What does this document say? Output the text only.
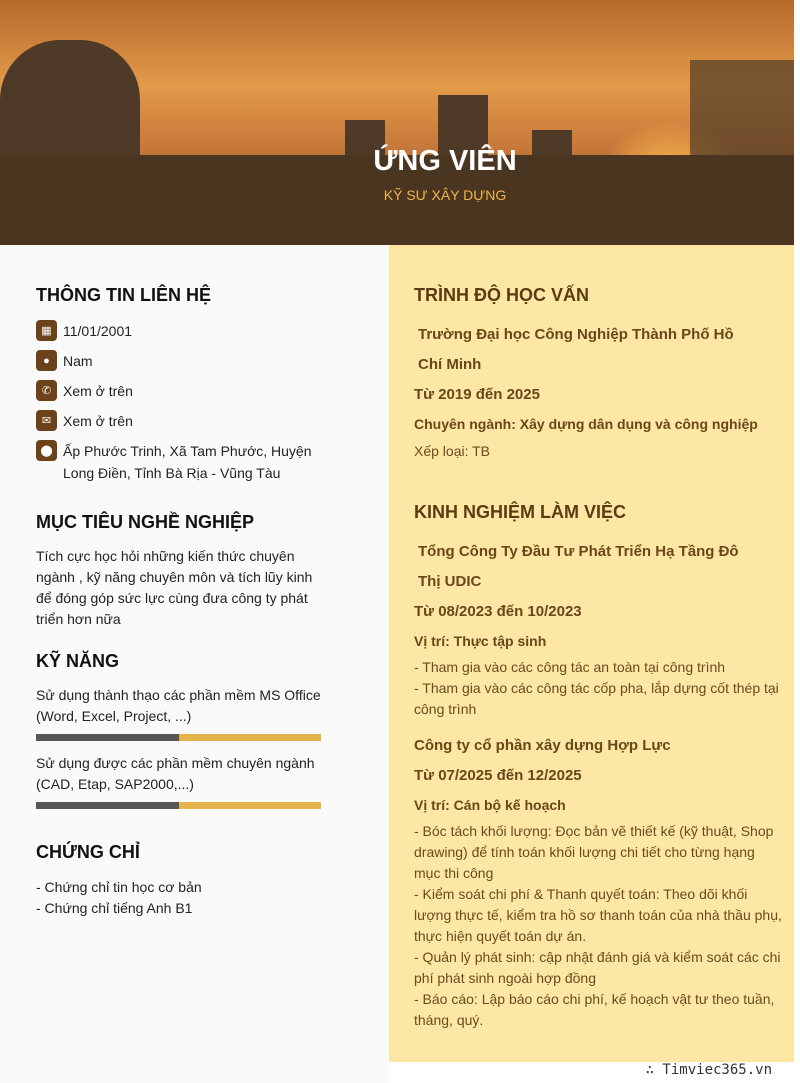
ỨNG VIÊN
KỸ SƯ XÂY DỰNG
THÔNG TIN LIÊN HỆ
▦ 11/01/2001
● Nam
✆ Xem ở trên
✉ Xem ở trên
⬤ Ấp Phước Trinh, Xã Tam Phước, Huyện Long Điền, Tỉnh Bà Rịa - Vũng Tàu
MỤC TIÊU NGHỀ NGHIỆP
Tích cực học hỏi những kiến thức chuyên ngành , kỹ năng chuyên môn và tích lũy kinh để đóng góp sức lực cùng đưa công ty phát triển hơn nữa
KỸ NĂNG
Sử dụng thành thạo các phần mềm MS Office (Word, Excel, Project, ...)
Sử dụng được các phần mềm chuyên ngành (CAD, Etap, SAP2000,...)
CHỨNG CHỈ
- Chứng chỉ tin học cơ bản
- Chứng chỉ tiếng Anh B1
TRÌNH ĐỘ HỌC VẤN
Trường Đại học Công Nghiệp Thành Phố Hồ Chí Minh
Từ 2019 đến 2025
Chuyên ngành: Xây dựng dân dụng và công nghiệp
Xếp loại: TB
KINH NGHIỆM LÀM VIỆC
Tổng Công Ty Đầu Tư Phát Triển Hạ Tầng Đô Thị UDIC
Từ 08/2023 đến 10/2023
Vị trí: Thực tập sinh
- Tham gia vào các công tác an toàn tại công trình
- Tham gia vào các công tác cốp pha, lắp dựng cốt thép tại công trình
Công ty cổ phần xây dựng Hợp Lực
Từ 07/2025 đến 12/2025
Vị trí: Cán bộ kế hoạch
- Bóc tách khối lượng: Đọc bản vẽ thiết kế (kỹ thuật, Shop drawing) để tính toán khối lượng chi tiết cho từng hạng mục thi công
- Kiểm soát chi phí & Thanh quyết toán: Theo dõi khối lượng thực tế, kiểm tra hồ sơ thanh toán của nhà thầu phụ, thực hiện quyết toán dự án.
- Quản lý phát sinh: cập nhật đánh giá và kiểm soát các chi phí phát sinh ngoài hợp đồng
- Báo cáo: Lập báo cáo chi phí, kế hoạch vật tư theo tuần, tháng, quý.
∴ Timviec365.vn
